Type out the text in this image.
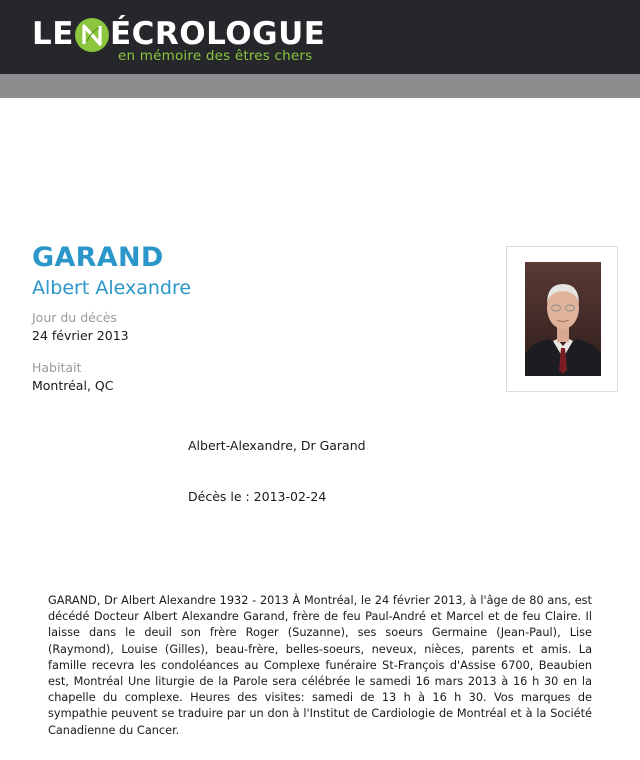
LE ÉCROLOGUE
en mémoire des êtres chers
GARAND
Albert Alexandre
Jour du décès
24 février 2013
Habitait
Montréal, QC
Albert-Alexandre, Dr Garand
Décès le : 2013-02-24
GARAND, Dr Albert Alexandre 1932 - 2013 À Montréal, le 24 février 2013, à l'âge de 80 ans, est décédé Docteur Albert Alexandre Garand, frère de feu Paul-André et Marcel et de feu Claire. Il laisse dans le deuil son frère Roger (Suzanne), ses soeurs Germaine (Jean-Paul), Lise (Raymond), Louise (Gilles), beau-frère, belles-soeurs, neveux, nièces, parents et amis. La famille recevra les condoléances au Complexe funéraire St-François d'Assise 6700, Beaubien est, Montréal Une liturgie de la Parole sera célébrée le samedi 16 mars 2013 à 16 h 30 en la chapelle du complexe. Heures des visites: samedi de 13 h à 16 h 30. Vos marques de sympathie peuvent se traduire par un don à l'Institut de Cardiologie de Montréal et à la Société Canadienne du Cancer.
